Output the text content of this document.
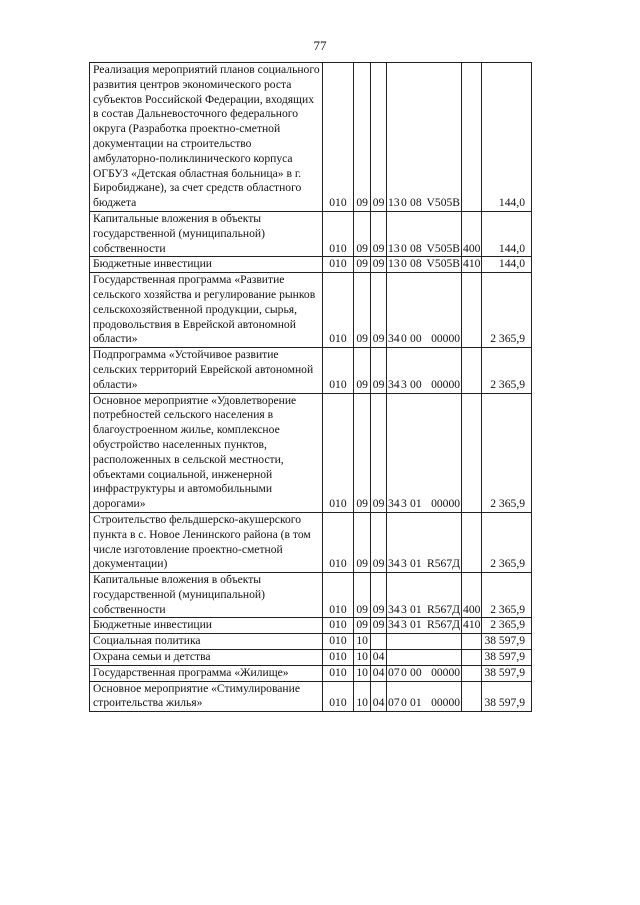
77
Реализация мероприятий планов социального развития центров экономического роста субъектов Российской Федерации, входящих в состав Дальневосточного федерального округа (Разработка проектно-сметной документации на строительство амбулаторно-поликлинического корпуса ОГБУЗ «Детская областная больница» в г. Биробиджане), за счет средств областного бюджета	010	09	09	130 08 V505B		144,0
Капитальные вложения в объекты государственной (муниципальной) собственности	010	09	09	130 08 V505B	400	144,0
Бюджетные инвестиции	010	09	09	130 08 V505B	410	144,0
Государственная программа «Развитие сельского хозяйства и регулирование рынков сельскохозяйственной продукции, сырья, продовольствия в Еврейской автономной области»	010	09	09	340 00 00000		2 365,9
Подпрограмма «Устойчивое развитие сельских территорий Еврейской автономной области»	010	09	09	343 00 00000		2 365,9
Основное мероприятие «Удовлетворение потребностей сельского населения в благоустроенном жилье, комплексное обустройство населенных пунктов, расположенных в сельской местности, объектами социальной, инженерной инфраструктуры и автомобильными дорогами»	010	09	09	343 01 00000		2 365,9
Строительство фельдшерско-акушерского пункта в с. Новое Ленинского района (в том числе изготовление проектно-сметной документации)	010	09	09	343 01 R567Д		2 365,9
Капитальные вложения в объекты государственной (муниципальной) собственности	010	09	09	343 01 R567Д	400	2 365,9
Бюджетные инвестиции	010	09	09	343 01 R567Д	410	2 365,9
Социальная политика	010	10				38 597,9
Охрана семьи и детства	010	10	04			38 597,9
Государственная программа «Жилище»	010	10	04	070 00 00000		38 597,9
Основное мероприятие «Стимулирование строительства жилья»	010	10	04	070 01 00000		38 597,9
